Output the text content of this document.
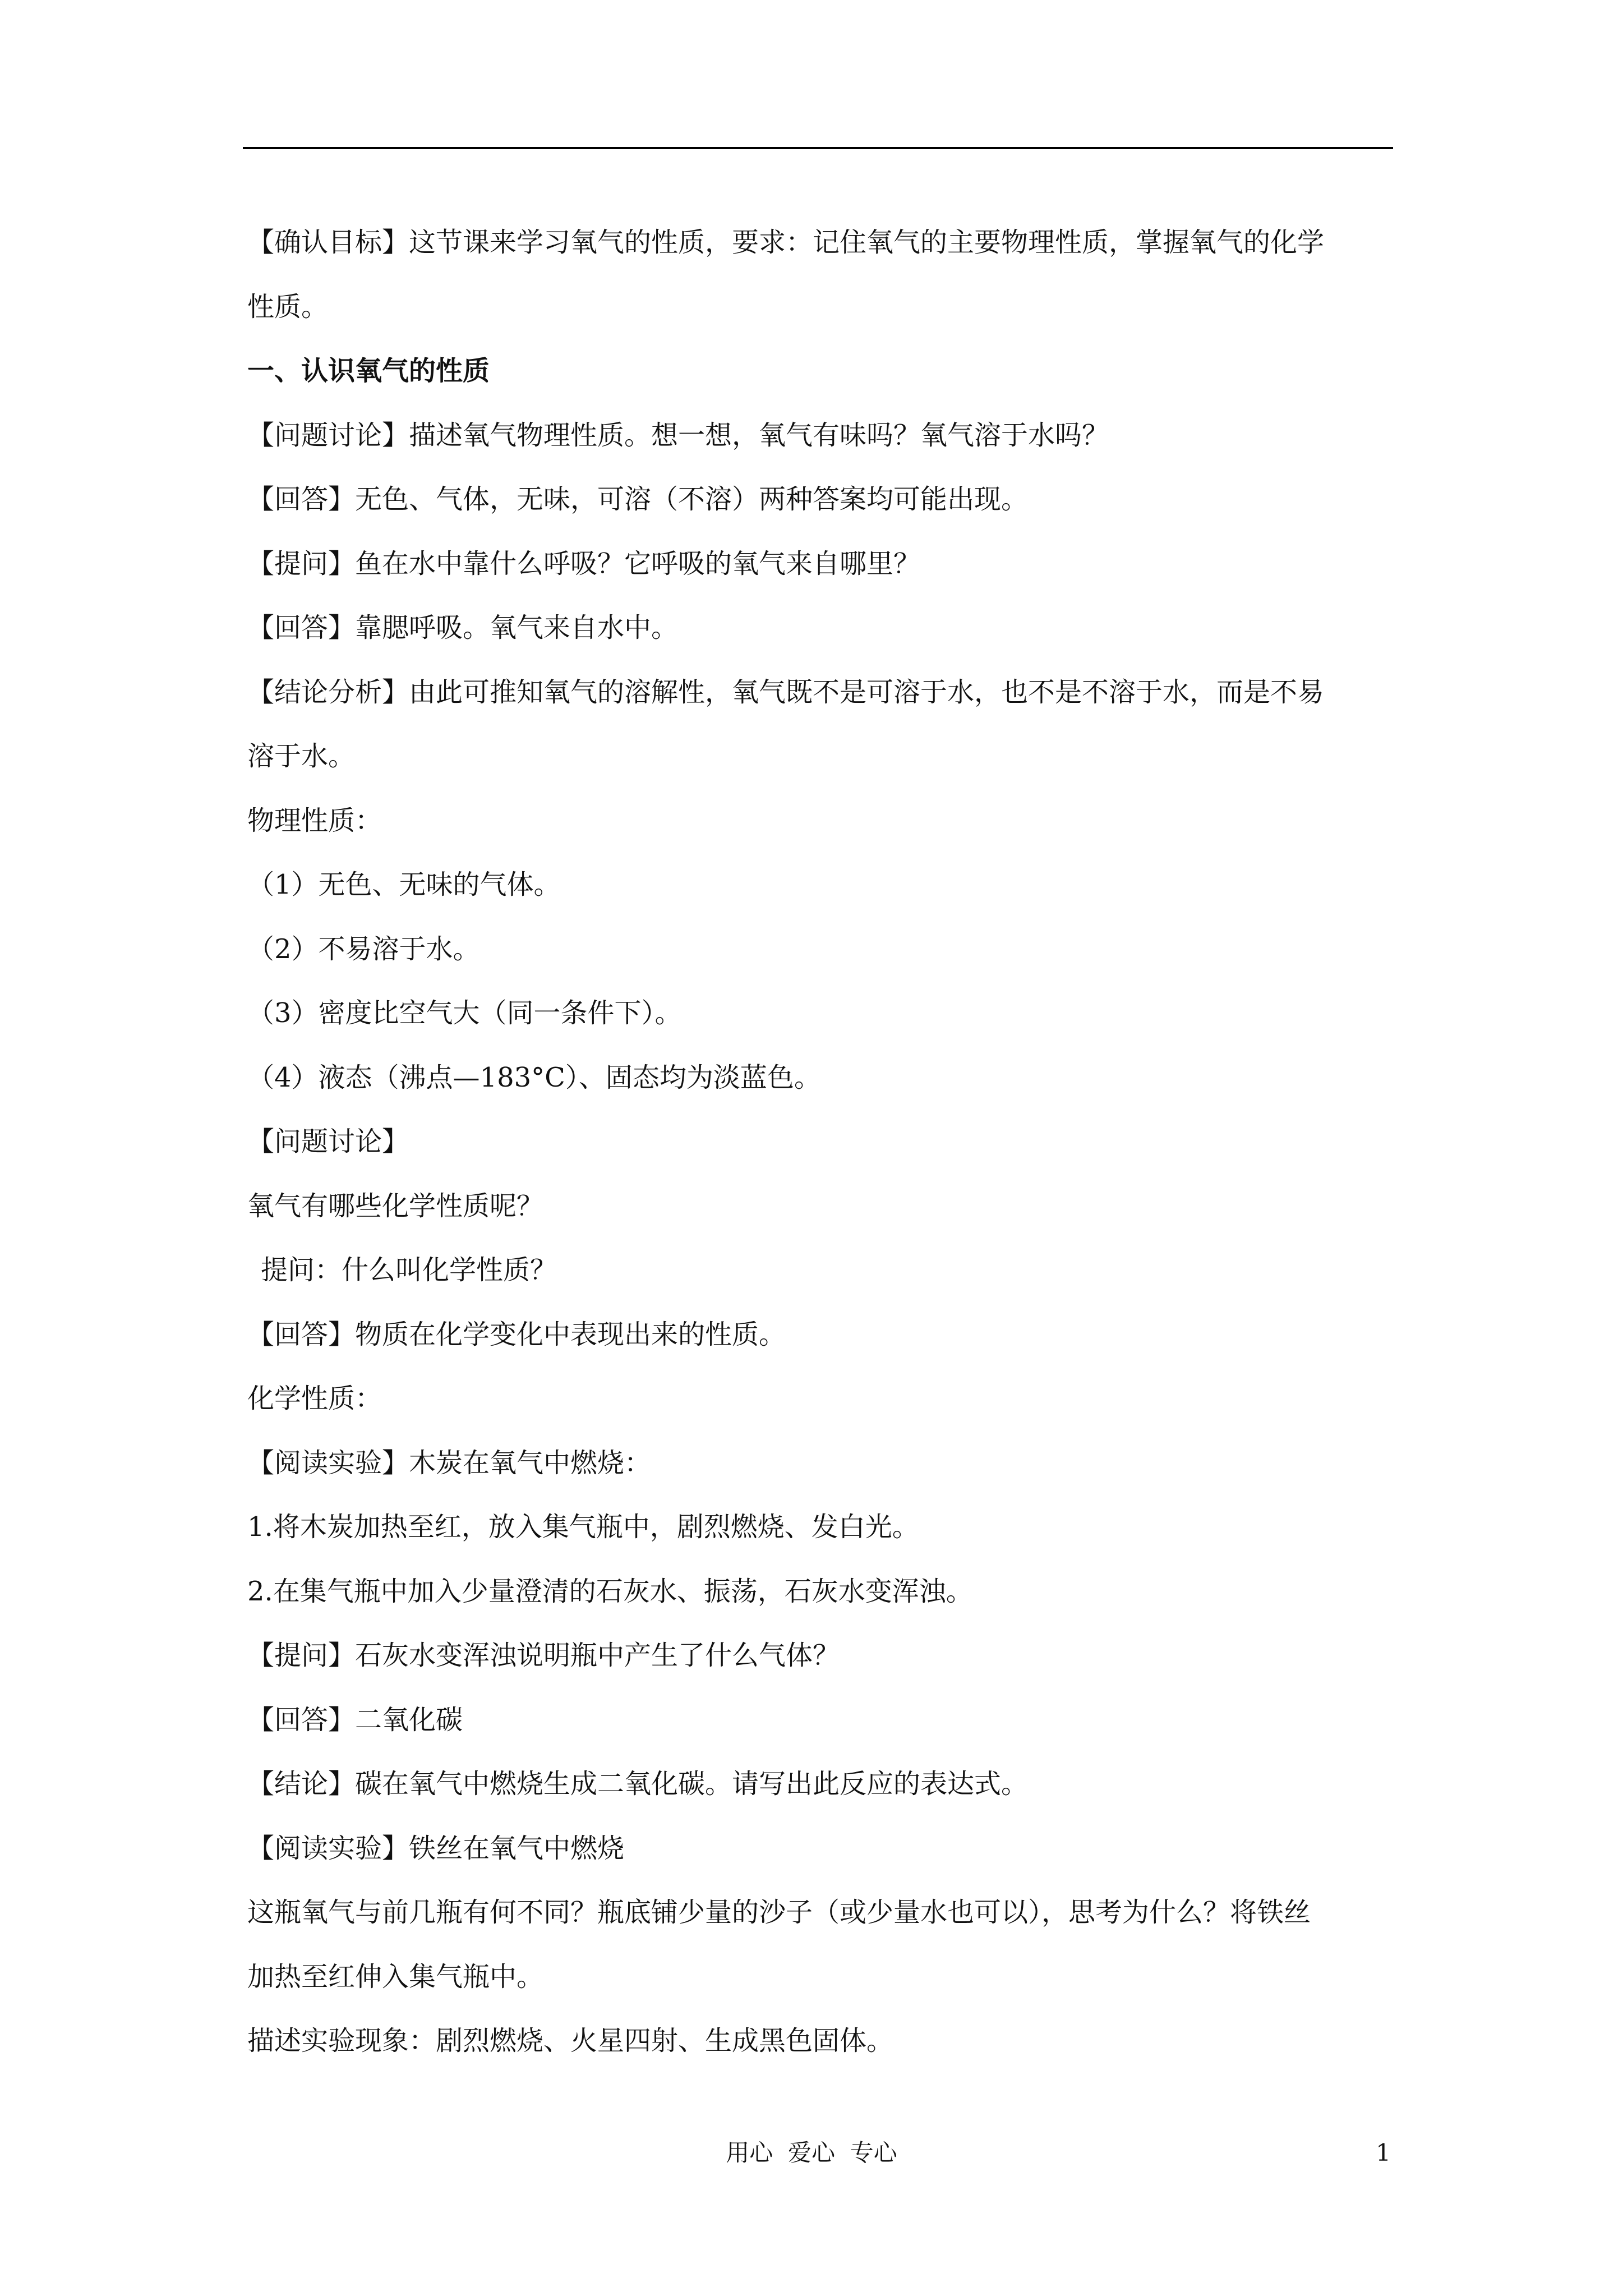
【确认目标】这节课来学习氧气的性质，要求：记住氧气的主要物理性质，掌握氧气的化学
性质。
一、认识氧气的性质
【问题讨论】描述氧气物理性质。想一想，氧气有味吗？氧气溶于水吗？
【回答】无色、气体，无味，可溶（不溶）两种答案均可能出现。
【提问】鱼在水中靠什么呼吸？它呼吸的氧气来自哪里？
【回答】靠腮呼吸。氧气来自水中。
【结论分析】由此可推知氧气的溶解性，氧气既不是可溶于水，也不是不溶于水，而是不易
溶于水。
物理性质：
（1）无色、无味的气体。
（2）不易溶于水。
（3）密度比空气大（同一条件下）。
（4）液态（沸点—183°C）、固态均为淡蓝色。
【问题讨论】
氧气有哪些化学性质呢？
提问：什么叫化学性质？
【回答】物质在化学变化中表现出来的性质。
化学性质：
【阅读实验】木炭在氧气中燃烧：
1.将木炭加热至红，放入集气瓶中，剧烈燃烧、发白光。
2.在集气瓶中加入少量澄清的石灰水、振荡，石灰水变浑浊。
【提问】石灰水变浑浊说明瓶中产生了什么气体？
【回答】二氧化碳
【结论】碳在氧气中燃烧生成二氧化碳。请写出此反应的表达式。
【阅读实验】铁丝在氧气中燃烧
这瓶氧气与前几瓶有何不同？瓶底铺少量的沙子（或少量水也可以），思考为什么？将铁丝
加热至红伸入集气瓶中。
描述实验现象：剧烈燃烧、火星四射、生成黑色固体。
用心  爱心  专心	1
